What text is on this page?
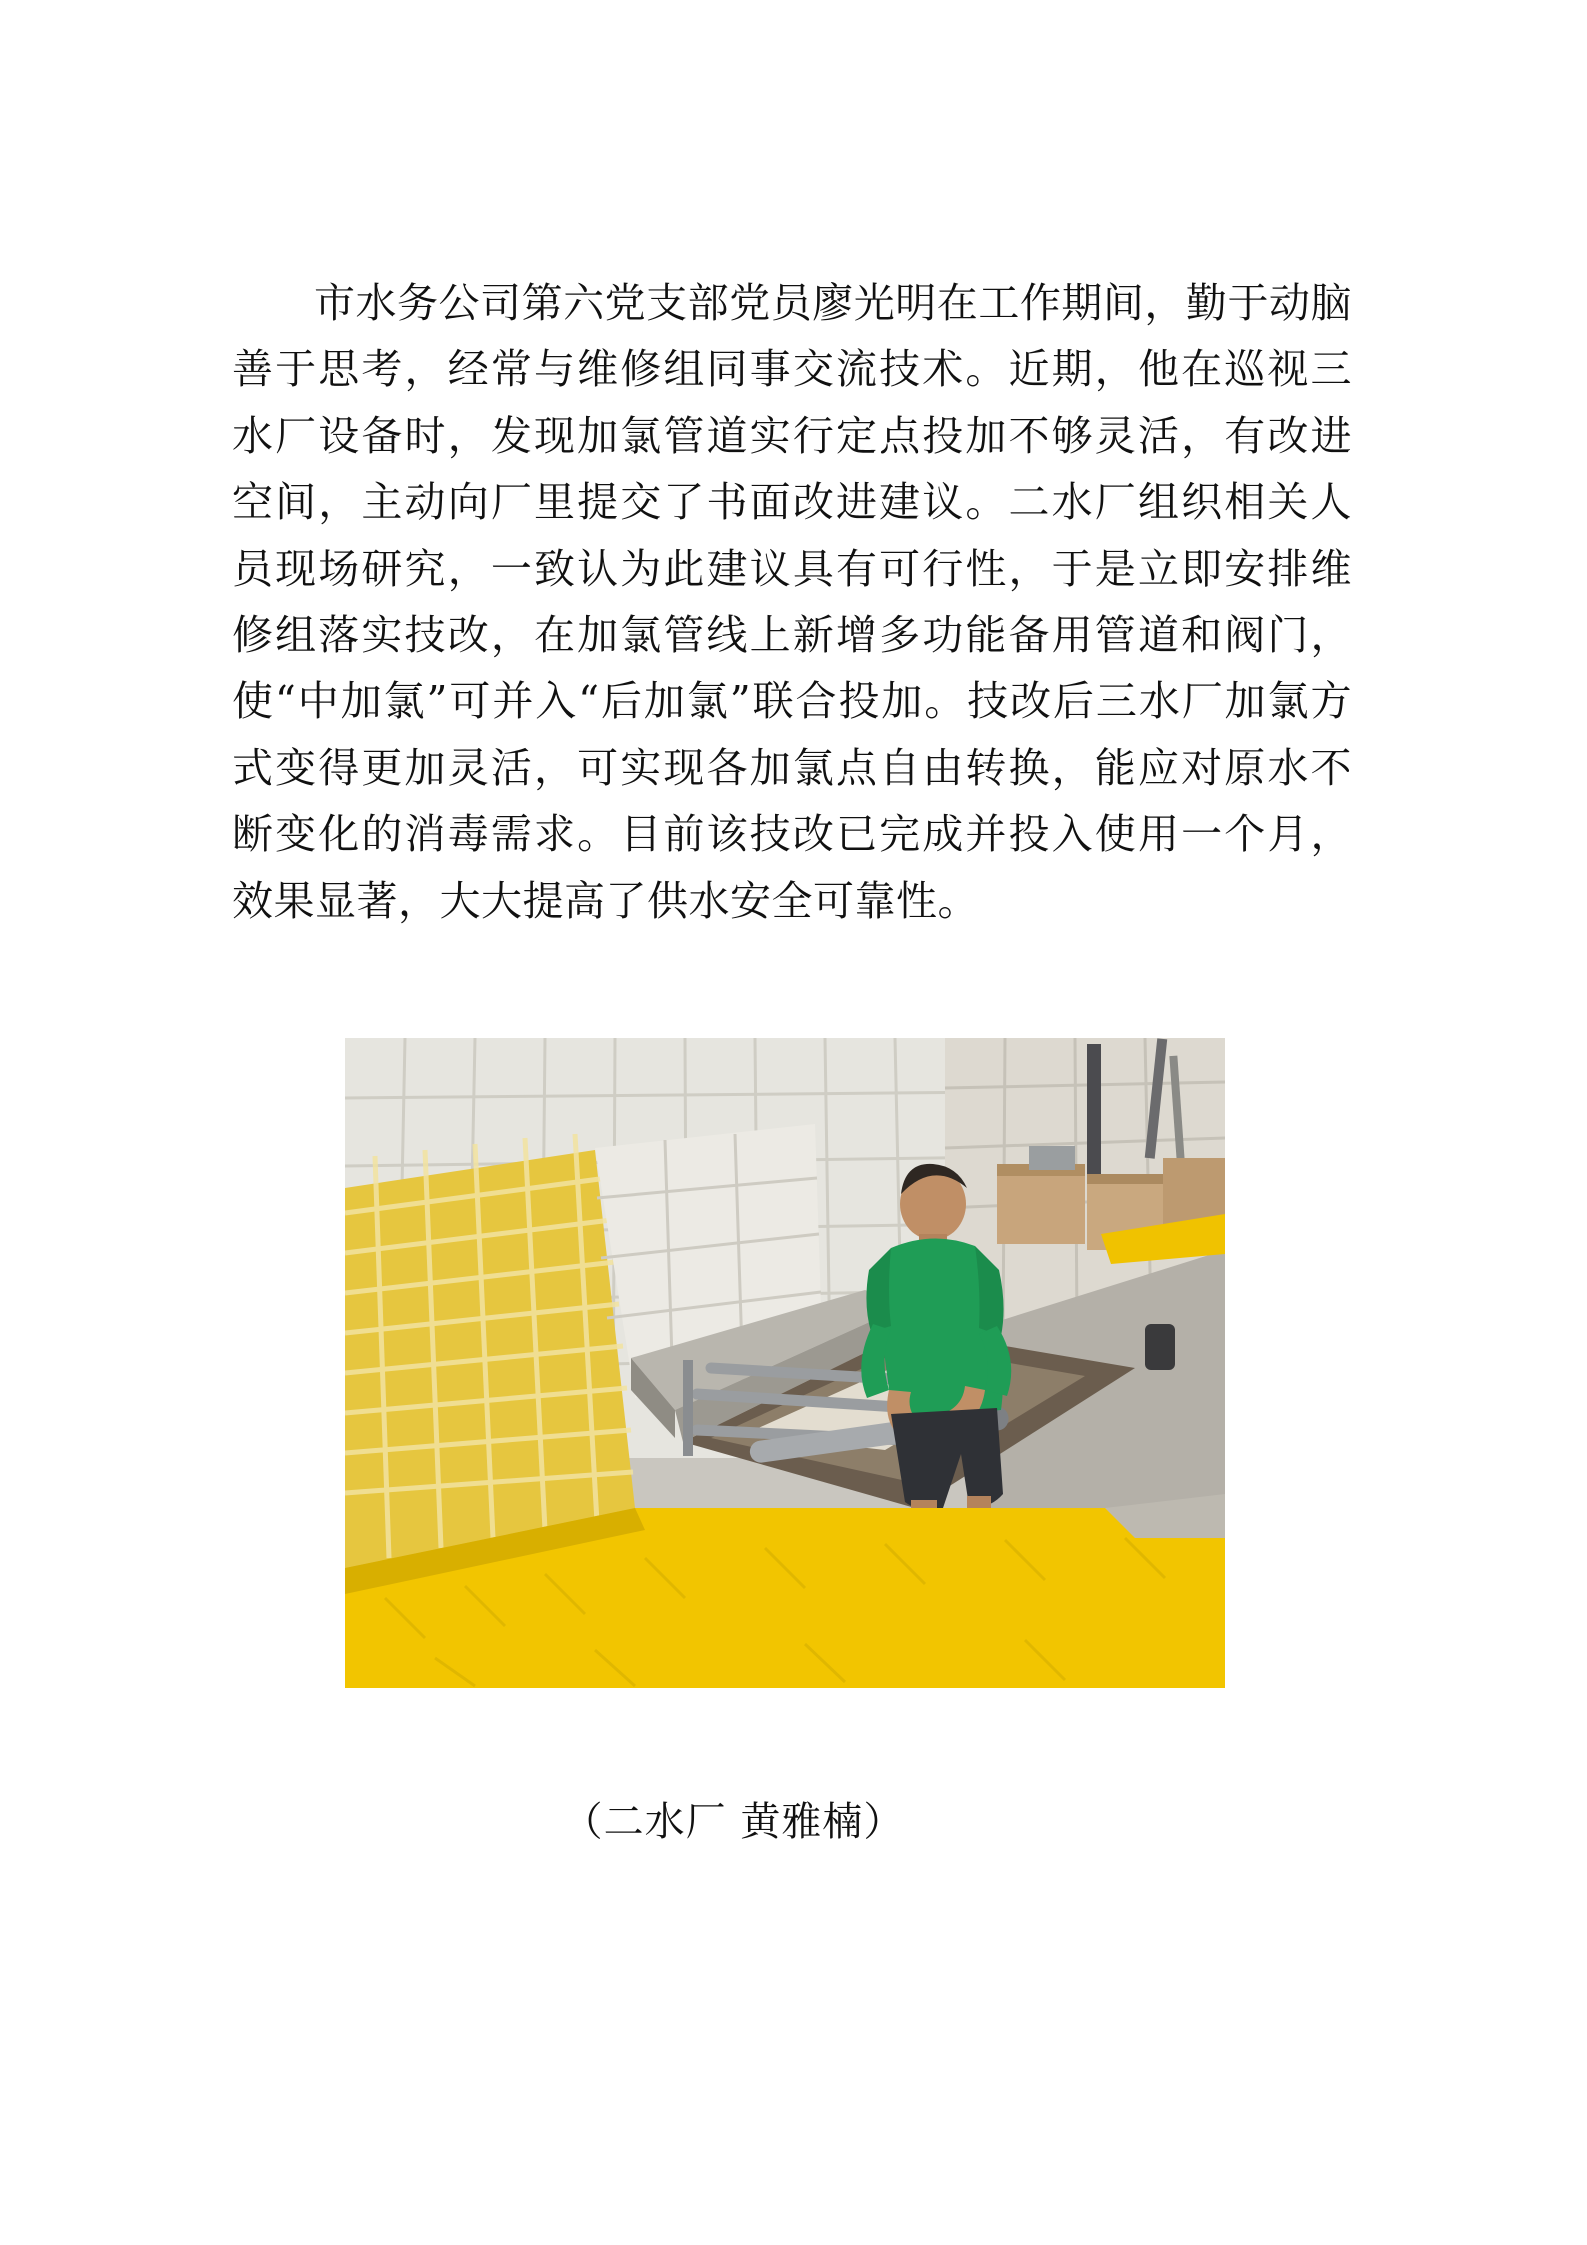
市水务公司第六党支部党员廖光明在工作期间，勤于动脑善于思考，经常与维修组同事交流技术。近期，他在巡视三水厂设备时，发现加氯管道实行定点投加不够灵活，有改进空间，主动向厂里提交了书面改进建议。二水厂组织相关人员现场研究，一致认为此建议具有可行性，于是立即安排维修组落实技改，在加氯管线上新增多功能备用管道和阀门，使“中加氯”可并入“后加氯”联合投加。技改后三水厂加氯方式变得更加灵活，可实现各加氯点自由转换，能应对原水不断变化的消毒需求。目前该技改已完成并投入使用一个月，效果显著，大大提高了供水安全可靠性。
（二水厂 黄雅楠）
